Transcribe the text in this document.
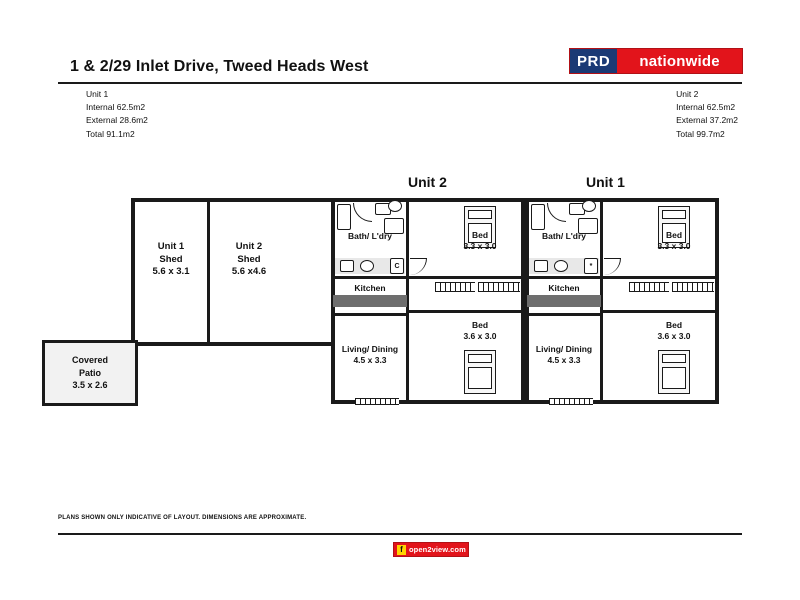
1 & 2/29 Inlet Drive, Tweed Heads West	PRD	nationwide
Unit 1
Internal 62.5m2
External 28.6m2
Total 91.1m2
Unit 2
Internal 62.5m2
External 37.2m2
Total 99.7m2
Unit 2	Unit 1
Covered
Patio
3.5 x 2.6
Unit 1
Shed
5.6 x 3.1
Unit 2
Shed
5.6 x4.6
Bath/ L'dry
C
Kitchen
Living/ Dining
4.5 x 3.3
Bed
3.3 x 3.0
Bed
3.6 x 3.0
Bath/ L'dry
*
Kitchen
Living/ Dining
4.5 x 3.3
Bed
3.3 x 3.0
Bed
3.6 x 3.0
PLANS SHOWN ONLY INDICATIVE OF LAYOUT. DIMENSIONS ARE APPROXIMATE.
f open2view.com
